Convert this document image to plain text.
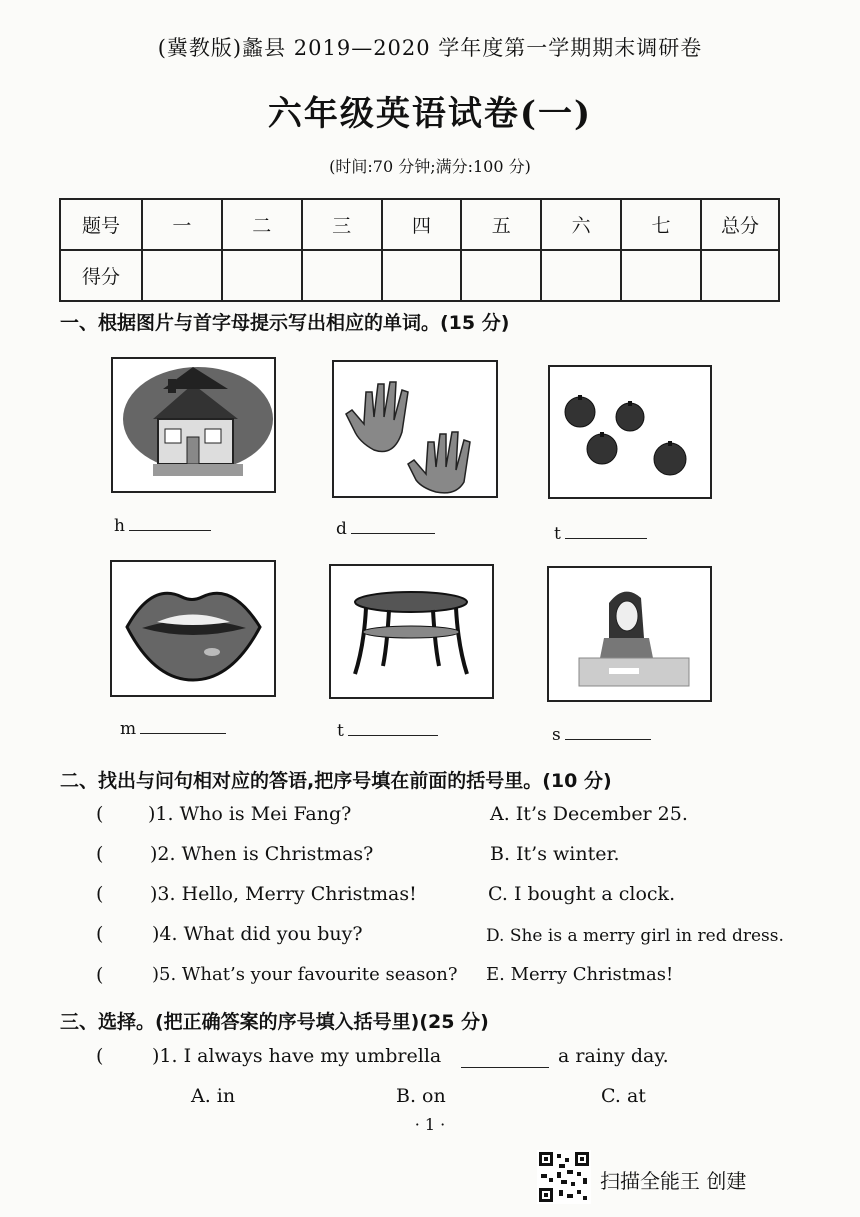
(冀教版)蠡县 2019—2020 学年度第一学期期末调研卷
六年级英语试卷(一)
(时间:70 分钟;满分:100 分)
题号	一	二	三	四	五	六	七	总分
得分								
一、根据图片与首字母提示写出相应的单词。(15 分)
h	d	t
m	t	s
二、找出与问句相对应的答语,把序号填在前面的括号里。(10 分)
( )1. Who is Mei Fang?	A. It’s December 25.
( )2. When is Christmas?	B. It’s winter.
( )3. Hello, Merry Christmas!	C. I bought a clock.
(	)4. What did you buy?	D. She is a merry girl in red dress.
(	)5. What’s your favourite season? E. Merry Christmas!
三、选择。(把正确答案的序号填入括号里)(25 分)
(	)1. I always have my umbrella	a rainy day.
A. in	B. on	C. at
· 1 ·
扫描全能王 创建
